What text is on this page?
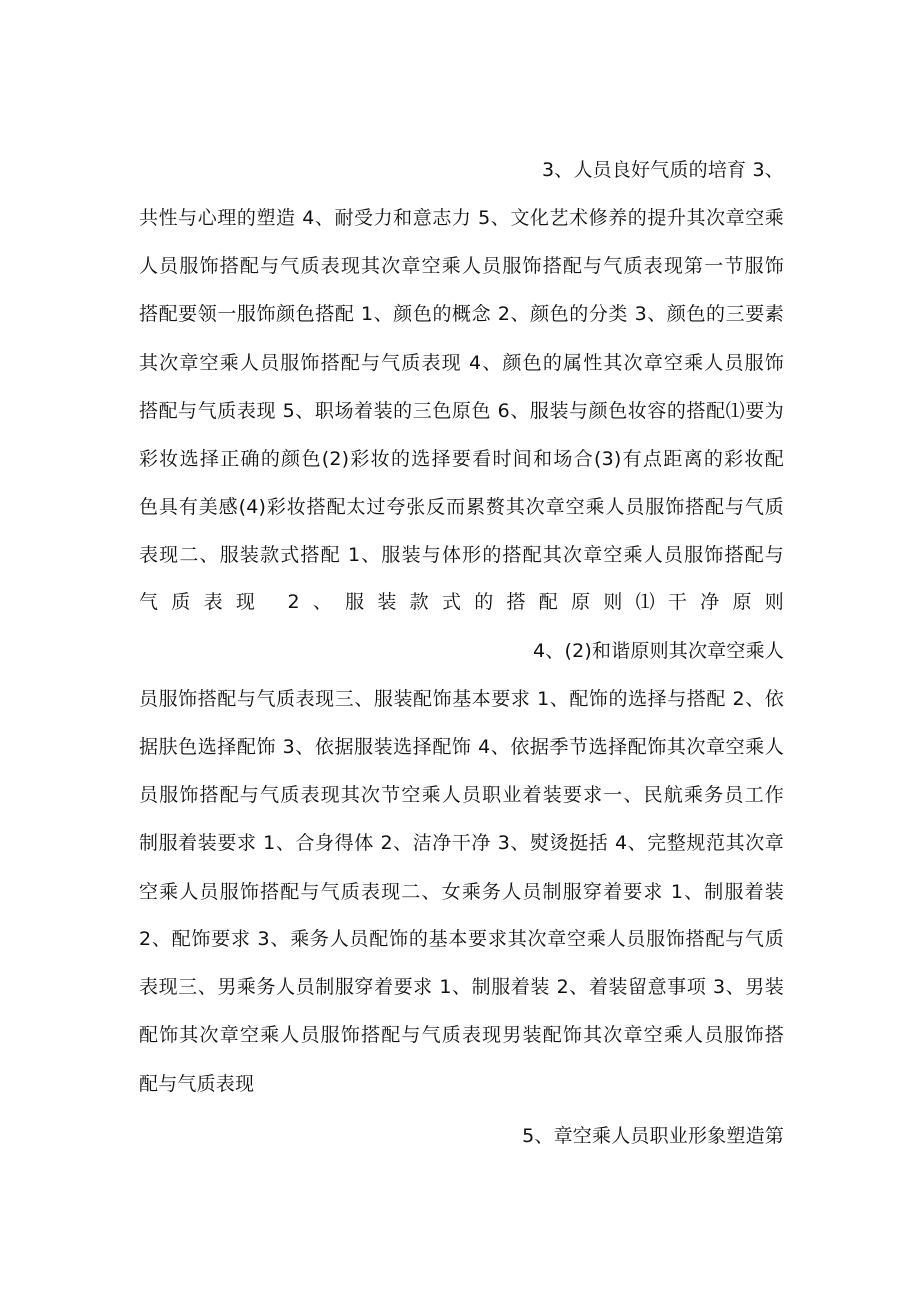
3、人员良好气质的培育 3、
共性与心理的塑造 4、耐受力和意志力 5、文化艺术修养的提升其次章空乘
人员服饰搭配与气质表现其次章空乘人员服饰搭配与气质表现第一节服饰
搭配要领一服饰颜色搭配 1、颜色的概念 2、颜色的分类 3、颜色的三要素
其次章空乘人员服饰搭配与气质表现 4、颜色的属性其次章空乘人员服饰
搭配与气质表现 5、职场着装的三色原色 6、服装与颜色妆容的搭配⑴要为
彩妆选择正确的颜色(2)彩妆的选择要看时间和场合(3)有点距离的彩妆配
色具有美感(4)彩妆搭配太过夸张反而累赘其次章空乘人员服饰搭配与气质
表现二、服装款式搭配 1、服装与体形的搭配其次章空乘人员服饰搭配与
气质表现 2、服装款式的搭配原则⑴干净原则
4、(2)和谐原则其次章空乘人
员服饰搭配与气质表现三、服装配饰基本要求 1、配饰的选择与搭配 2、依
据肤色选择配饰 3、依据服装选择配饰 4、依据季节选择配饰其次章空乘人
员服饰搭配与气质表现其次节空乘人员职业着装要求一、民航乘务员工作
制服着装要求 1、合身得体 2、洁净干净 3、熨烫挺括 4、完整规范其次章
空乘人员服饰搭配与气质表现二、女乘务人员制服穿着要求 1、制服着装
2、配饰要求 3、乘务人员配饰的基本要求其次章空乘人员服饰搭配与气质
表现三、男乘务人员制服穿着要求 1、制服着装 2、着装留意事项 3、男装
配饰其次章空乘人员服饰搭配与气质表现男装配饰其次章空乘人员服饰搭
配与气质表现
5、章空乘人员职业形象塑造第
